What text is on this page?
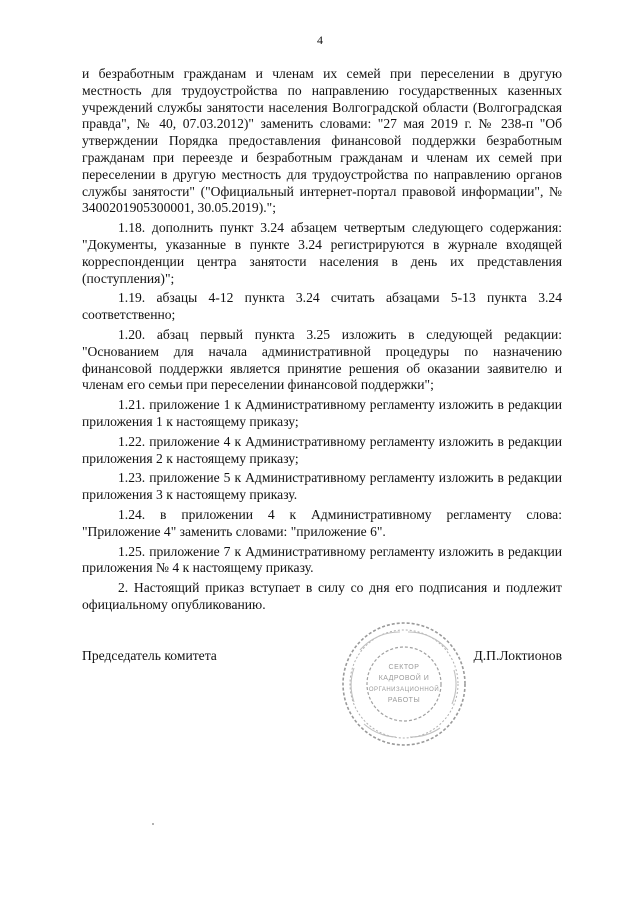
4

и безработным гражданам и членам их семей при переселении в другую местность для трудоустройства по направлению государственных казенных учреждений службы занятости населения Волгоградской области (Волгоградская правда", № 40, 07.03.2012)" заменить словами: "27 мая 2019 г. № 238-п "Об утверждении Порядка предоставления финансовой поддержки безработным гражданам при переезде и безработным гражданам и членам их семей при переселении в другую местность для трудоустройства по направлению органов службы занятости" ("Официальный интернет-портал правовой информации", № 3400201905300001, 30.05.2019).";

1.18. дополнить пункт 3.24 абзацем четвертым следующего содержания: "Документы, указанные в пункте 3.24 регистрируются в журнале входящей корреспонденции центра занятости населения в день их представления (поступления)";

1.19. абзацы 4-12 пункта 3.24 считать абзацами 5-13 пункта 3.24 соответственно;

1.20. абзац первый пункта 3.25 изложить в следующей редакции: "Основанием для начала административной процедуры по назначению финансовой поддержки является принятие решения об оказании заявителю и членам его семьи при переселении финансовой поддержки";

1.21. приложение 1 к Административному регламенту изложить в редакции приложения 1 к настоящему приказу;

1.22. приложение 4 к Административному регламенту изложить в редакции приложения 2 к настоящему приказу;

1.23. приложение 5 к Административному регламенту изложить в редакции приложения 3 к настоящему приказу.

1.24. в приложении 4 к Административному регламенту слова: "Приложение 4" заменить словами: "приложение 6".

1.25. приложение 7 к Административному регламенту изложить в редакции приложения № 4 к настоящему приказу.

2. Настоящий приказ вступает в силу со дня его подписания и подлежит официальному опубликованию.

Председатель комитета	Д.П.Локтионов
СЕКТОР
КАДРОВОЙ И
ОРГАНИЗАЦИОННОЙ
РАБОТЫ
